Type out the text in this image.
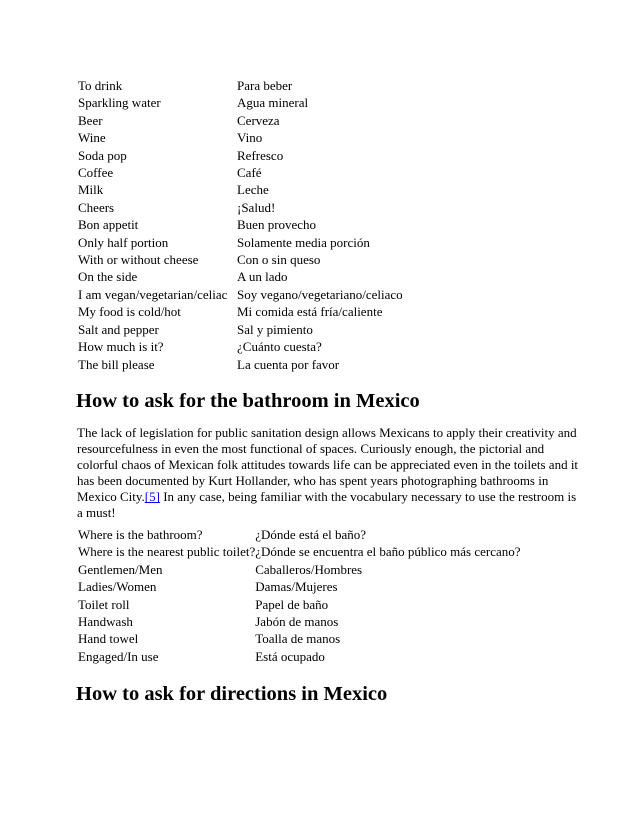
To drink	Para beber
Sparkling water	Agua mineral
Beer	Cerveza
Wine	Vino
Soda pop	Refresco
Coffee	Café
Milk	Leche
Cheers	¡Salud!
Bon appetit	Buen provecho
Only half portion	Solamente media porción
With or without cheese	Con o sin queso
On the side	A un lado
I am vegan/vegetarian/celiac	Soy vegano/vegetariano/celiaco
My food is cold/hot	Mi comida está fría/caliente
Salt and pepper	Sal y pimiento
How much is it?	¿Cuánto cuesta?
The bill please	La cuenta por favor
How to ask for the bathroom in Mexico

The lack of legislation for public sanitation design allows Mexicans to apply their creativity and
resourcefulness in even the most functional of spaces. Curiously enough, the pictorial and
colorful chaos of Mexican folk attitudes towards life can be appreciated even in the toilets and it
has been documented by Kurt Hollander, who has spent years photographing bathrooms in
Mexico City.[5] In any case, being familiar with the vocabulary necessary to use the restroom is
a must!

Where is the bathroom?	¿Dónde está el baño?
Where is the nearest public toilet?	¿Dónde se encuentra el baño público más cercano?
Gentlemen/Men	Caballeros/Hombres
Ladies/Women	Damas/Mujeres
Toilet roll	Papel de baño
Handwash	Jabón de manos
Hand towel	Toalla de manos
Engaged/In use	Está ocupado
How to ask for directions in Mexico
